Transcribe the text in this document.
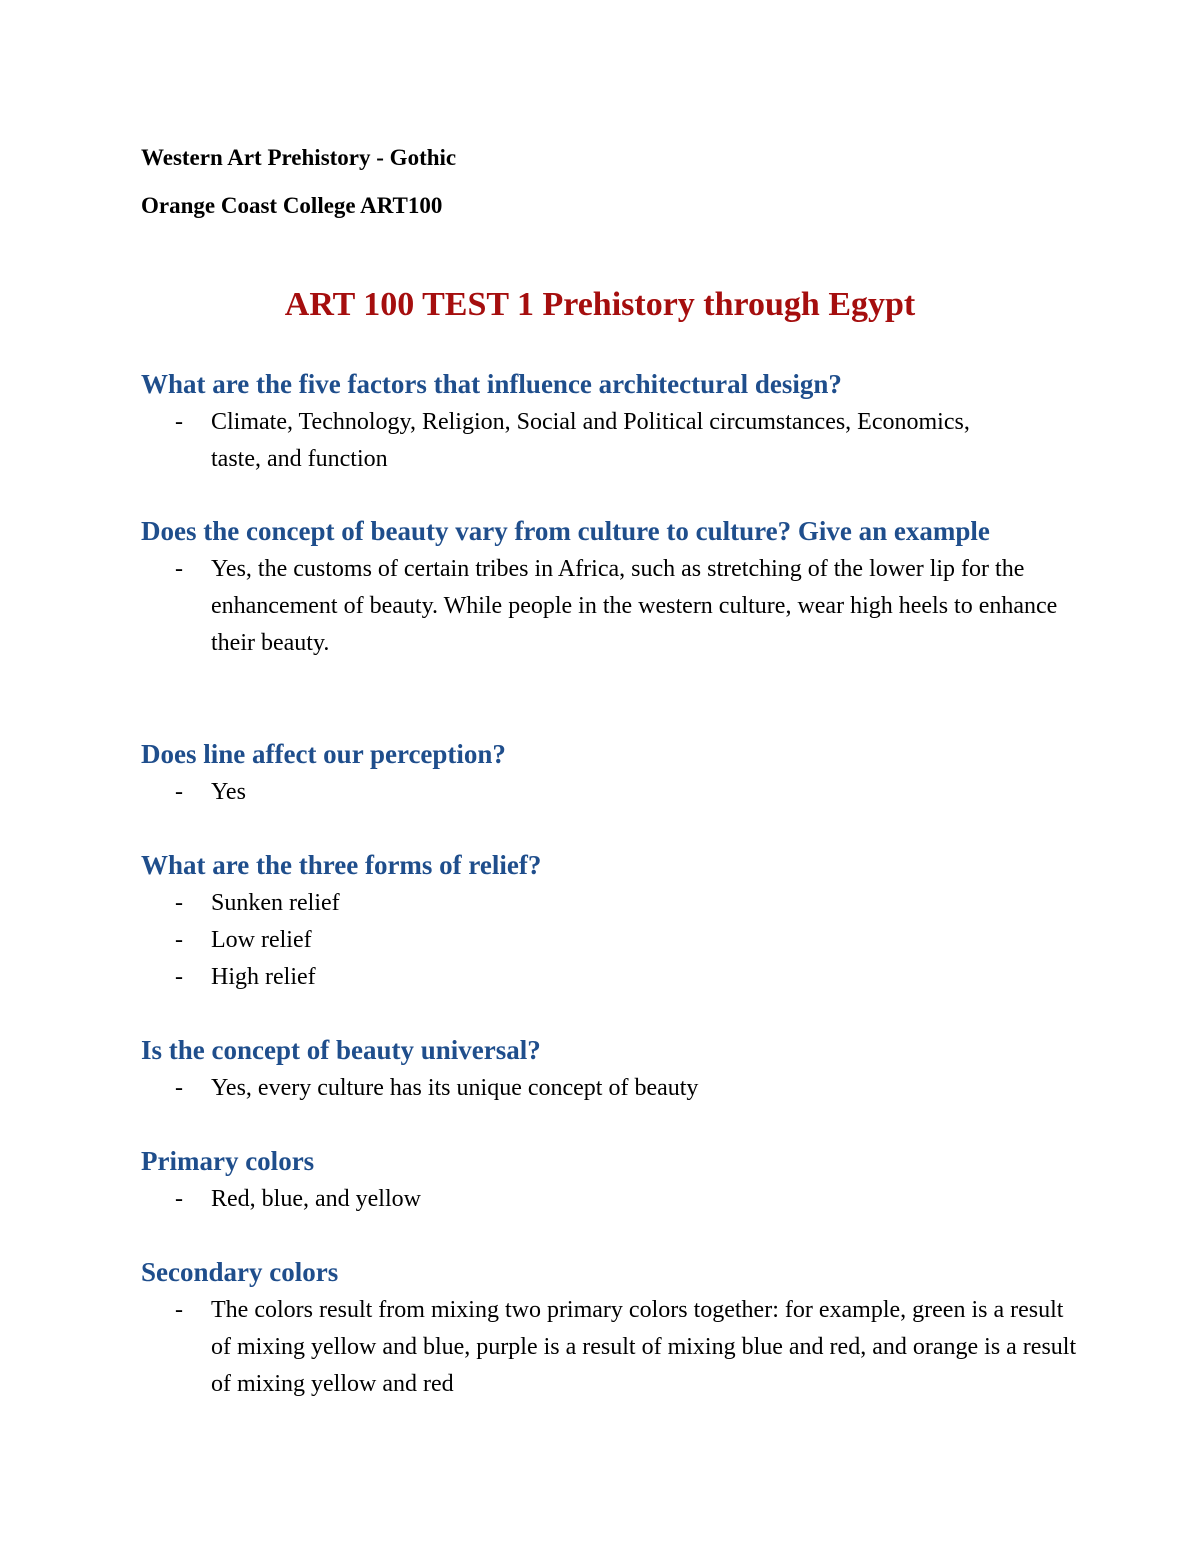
Western Art Prehistory - Gothic
Orange Coast College ART100
ART 100 TEST 1 Prehistory through Egypt

What are the five factors that influence architectural design?

- Climate, Technology, Religion, Social and Political circumstances, Economics, taste, and function

Does the concept of beauty vary from culture to culture? Give an example

- Yes, the customs of certain tribes in Africa, such as stretching of the lower lip for the enhancement of beauty. While people in the western culture, wear high heels to enhance their beauty.

Does line affect our perception?

- Yes

What are the three forms of relief?

- Sunken relief
- Low relief
- High relief

Is the concept of beauty universal?

- Yes, every culture has its unique concept of beauty

Primary colors

- Red, blue, and yellow

Secondary colors

- The colors result from mixing two primary colors together: for example, green is a result of mixing yellow and blue, purple is a result of mixing blue and red, and orange is a result of mixing yellow and red
